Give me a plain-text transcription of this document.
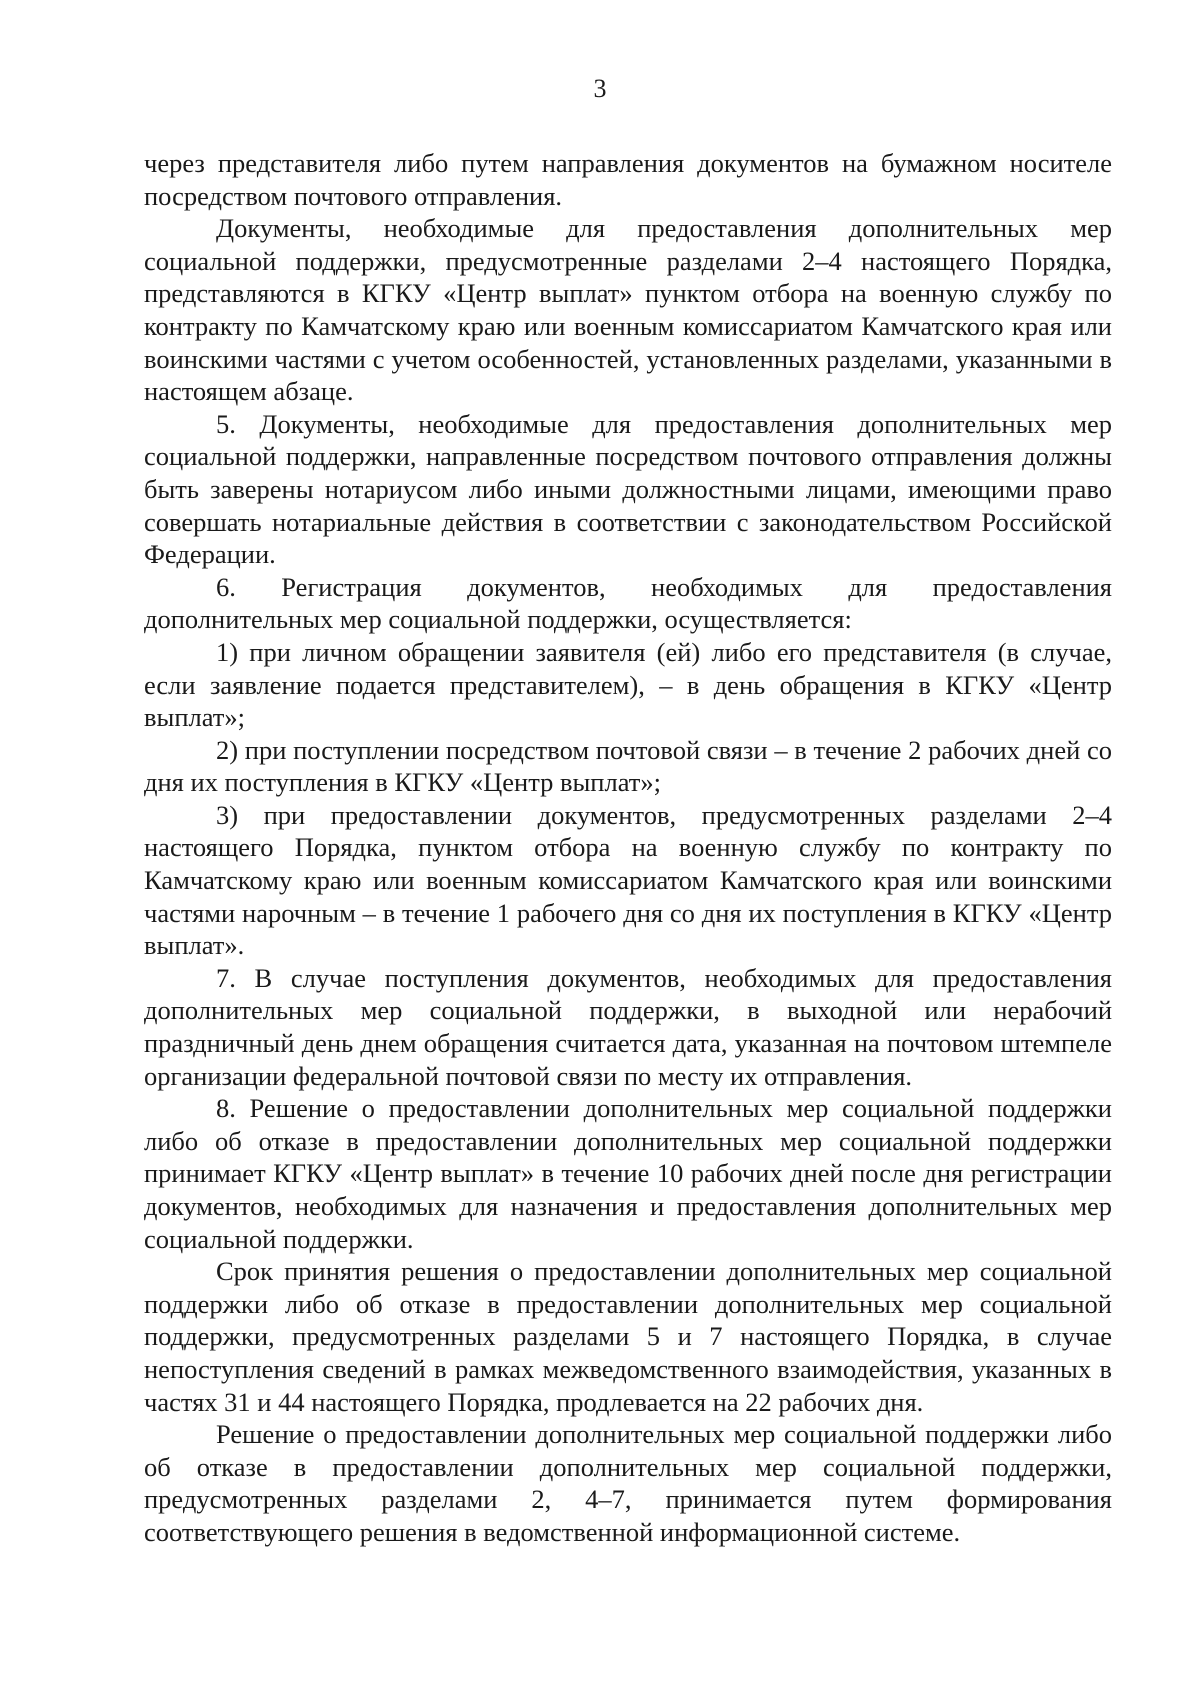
3

через представителя либо путем направления документов на бумажном носителе посредством почтового отправления.

Документы, необходимые для предоставления дополнительных мер социальной поддержки, предусмотренные разделами 2–4 настоящего Порядка, представляются в КГКУ «Центр выплат» пунктом отбора на военную службу по контракту по Камчатскому краю или военным комиссариатом Камчатского края или воинскими частями с учетом особенностей, установленных разделами, указанными в настоящем абзаце.

5. Документы, необходимые для предоставления дополнительных мер социальной поддержки, направленные посредством почтового отправления должны быть заверены нотариусом либо иными должностными лицами, имеющими право совершать нотариальные действия в соответствии с законодательством Российской Федерации.

6. Регистрация документов, необходимых для предоставления дополнительных мер социальной поддержки, осуществляется:

1) при личном обращении заявителя (ей) либо его представителя (в случае, если заявление подается представителем), – в день обращения в КГКУ «Центр выплат»;

2) при поступлении посредством почтовой связи – в течение 2 рабочих дней со дня их поступления в КГКУ «Центр выплат»;

3) при предоставлении документов, предусмотренных разделами 2–4 настоящего Порядка, пунктом отбора на военную службу по контракту по Камчатскому краю или военным комиссариатом Камчатского края или воинскими частями нарочным – в течение 1 рабочего дня со дня их поступления в КГКУ «Центр выплат».

7. В случае поступления документов, необходимых для предоставления дополнительных мер социальной поддержки, в выходной или нерабочий праздничный день днем обращения считается дата, указанная на почтовом штемпеле организации федеральной почтовой связи по месту их отправления.

8. Решение о предоставлении дополнительных мер социальной поддержки либо об отказе в предоставлении дополнительных мер социальной поддержки принимает КГКУ «Центр выплат» в течение 10 рабочих дней после дня регистрации документов, необходимых для назначения и предоставления дополнительных мер социальной поддержки.

Срок принятия решения о предоставлении дополнительных мер социальной поддержки либо об отказе в предоставлении дополнительных мер социальной поддержки, предусмотренных разделами 5 и 7 настоящего Порядка, в случае непоступления сведений в рамках межведомственного взаимодействия, указанных в частях 31 и 44 настоящего Порядка, продлевается на 22 рабочих дня.

Решение о предоставлении дополнительных мер социальной поддержки либо об отказе в предоставлении дополнительных мер социальной поддержки, предусмотренных разделами 2, 4–7, принимается путем формирования соответствующего решения в ведомственной информационной системе.
